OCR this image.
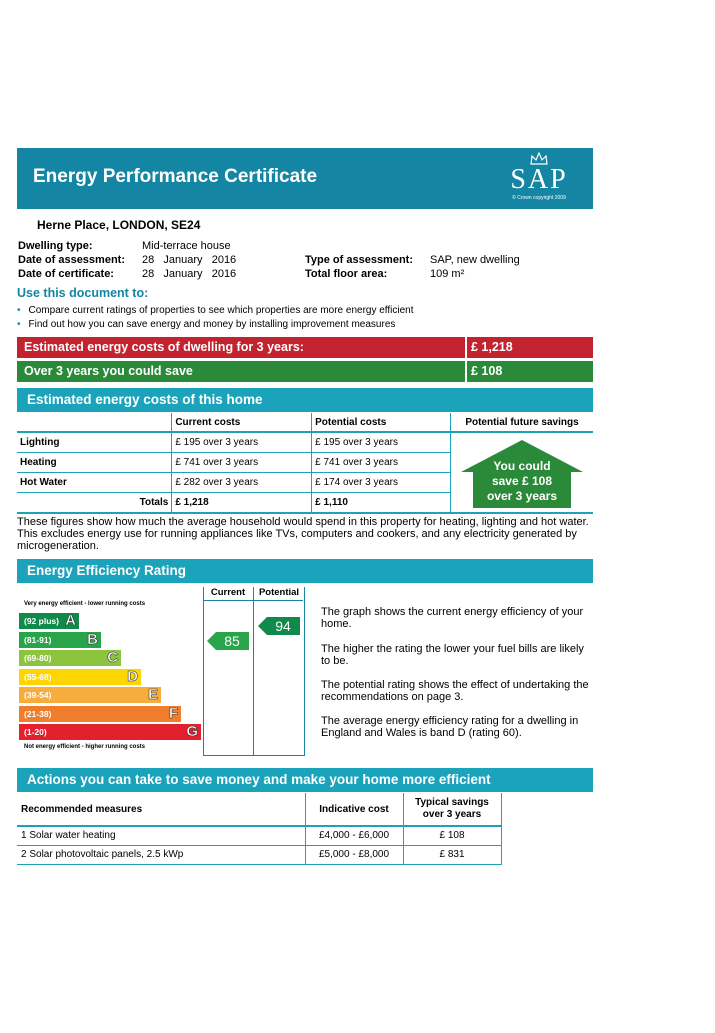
Energy Performance Certificate	SAP
© Crown copyright 2009
Herne Place, LONDON, SE24
Dwelling type:	Mid-terrace house
Date of assessment: 28   January   2016
Date of certificate:	28   January   2016
Type of assessment: SAP, new dwelling
Total floor area:	109 m²
Use this document to:
• Compare current ratings of properties to see which properties are more energy efficient
• Find out how you can save energy and money by installing improvement measures
Estimated energy costs of dwelling for 3 years:	£ 1,218
Over 3 years you could save	£ 108
Estimated energy costs of this home
	Current costs	Potential costs	Potential future savings
Lighting	£ 195 over 3 years	£ 195 over 3 years	You could
save £ 108
over 3 years

Heating	£ 741 over 3 years	£ 741 over 3 years	
Hot Water	£ 282 over 3 years	£ 174 over 3 years	
Totals	£ 1,218	£ 1,110	
These figures show how much the average household would spend in this property for heating, lighting and hot water. This excludes energy use for running appliances like TVs, computers and cookers, and any electricity generated by microgeneration.
Energy Efficiency Rating
Current	Potential
Very energy efficient - lower running costs
(92 plus) A
(81-91) B
(69-80)	C
(55-68)	D
(39-54)	E
(21-38)	F
(1-20)	G
Not energy efficient - higher running costs
85
94
The graph shows the current energy efficiency of your home.
The higher the rating the lower your fuel bills are likely to be.
The potential rating shows the effect of undertaking the recommendations on page 3.
The average energy efficiency rating for a dwelling in England and Wales is band D (rating 60).
Actions you can take to save money and make your home more efficient
Recommended measures	Indicative cost	Typical savings over 3 years
1 Solar water heating	£4,000 - £6,000	£ 108
2 Solar photovoltaic panels, 2.5 kWp	£5,000 - £8,000	£ 831
